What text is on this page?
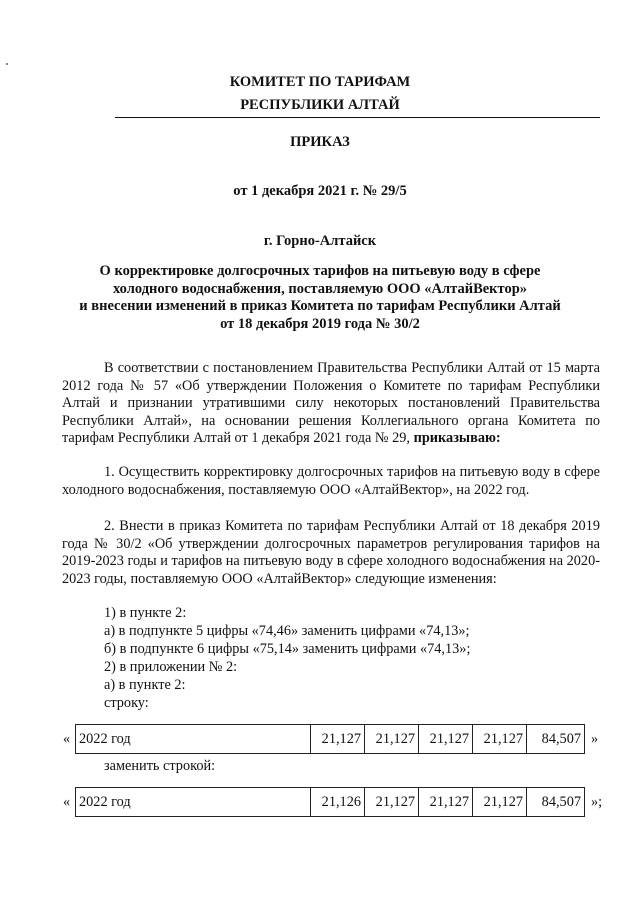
КОМИТЕТ ПО ТАРИФАМ
РЕСПУБЛИКИ АЛТАЙ
ПРИКАЗ
от 1 декабря 2021 г. № 29/5
г. Горно-Алтайск
О корректировке долгосрочных тарифов на питьевую воду в сфере
холодного водоснабжения, поставляемую ООО «АлтайВектор»
и внесении изменений в приказ Комитета по тарифам Республики Алтай
от 18 декабря 2019 года № 30/2
В соответствии с постановлением Правительства Республики Алтай от 15 марта 2012 года № 57 «Об утверждении Положения о Комитете по тарифам Республики Алтай и признании утратившими силу некоторых постановлений Правительства Республики Алтай», на основании решения Коллегиального органа Комитета по тарифам Республики Алтай от 1 декабря 2021 года № 29, приказываю:
1. Осуществить корректировку долгосрочных тарифов на питьевую воду в сфере холодного водоснабжения, поставляемую ООО «АлтайВектор», на 2022 год.
2. Внести в приказ Комитета по тарифам Республики Алтай от 18 декабря 2019 года № 30/2 «Об утверждении долгосрочных параметров регулирования тарифов на 2019-2023 годы и тарифов на питьевую воду в сфере холодного водоснабжения на 2020-2023 годы, поставляемую ООО «АлтайВектор» следующие изменения:
1) в пункте 2:
а) в подпункте 5 цифры «74,46» заменить цифрами «74,13»;
б) в подпункте 6 цифры «75,14» заменить цифрами «74,13»;
2) в приложении № 2:
а) в пункте 2:
строку:
« 2022 год	21,127	21,127	21,127	21,127	84,507 »
заменить строкой:
« 2022 год	21,126	21,127	21,127	21,127	84,507 »;
